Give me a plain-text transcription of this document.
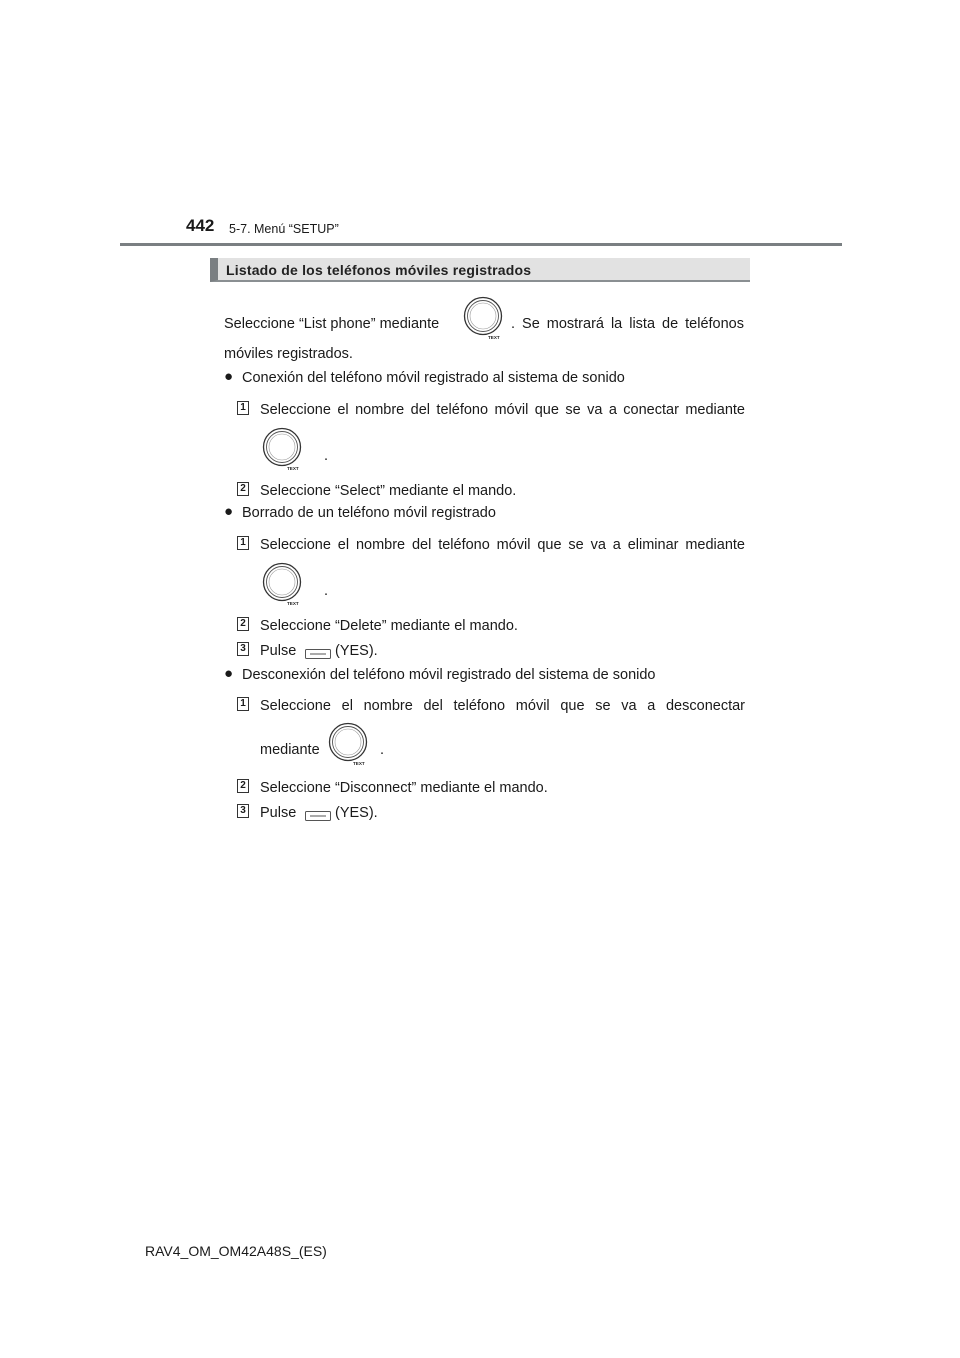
442 5-7. Menú “SETUP”
Listado de los teléfonos móviles registrados
Seleccione “List phone” mediante
TEXT
. Se mostrará la lista de teléfonos
móviles registrados.
● Conexión del teléfono móvil registrado al sistema de sonido
1 Seleccione el nombre del teléfono móvil que se va a conectar mediante
TEXT
.
2 Seleccione “Select” mediante el mando.
● Borrado de un teléfono móvil registrado
1 Seleccione el nombre del teléfono móvil que se va a eliminar mediante
TEXT
.
2 Seleccione “Delete” mediante el mando.
3 Pulse	(YES).
● Desconexión del teléfono móvil registrado del sistema de sonido
1 Seleccione el nombre del teléfono móvil que se va a desconectar
mediante
TEXT
.
2 Seleccione “Disconnect” mediante el mando.
3 Pulse	(YES).
RAV4_OM_OM42A48S_(ES)
